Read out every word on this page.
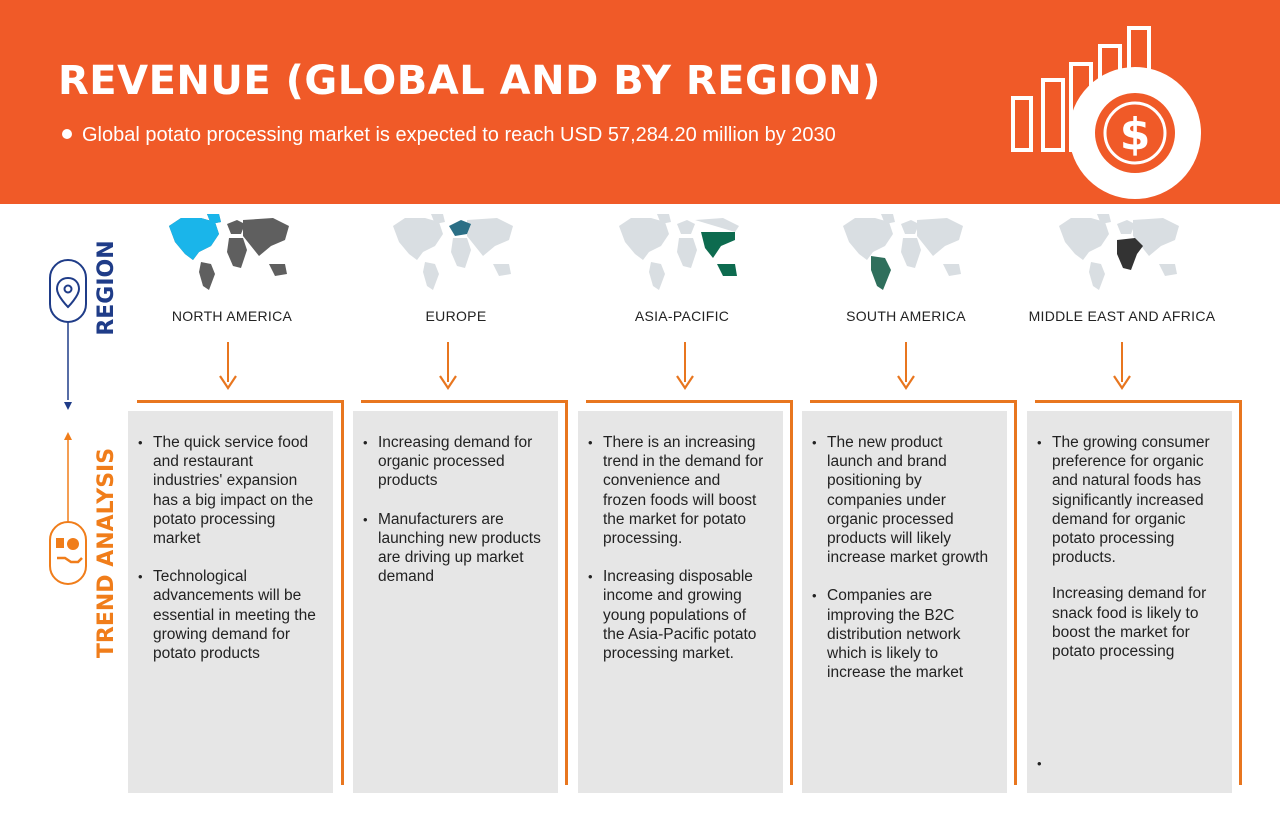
REVENUE (GLOBAL AND BY REGION)
Global potato processing market is expected to reach USD 57,284.20 million by 2030	$
REGION
TREND ANALYSIS
NORTH AMERICA	EUROPE	ASIA-PACIFIC	SOUTH AMERICA	MIDDLE EAST AND AFRICA
• The quick service food and restaurant industries' expansion has a big impact on the potato processing market
• Technological advancements will be essential in meeting the growing demand for potato products
• Increasing demand for organic processed products
• Manufacturers are launching new products are driving up market demand
• There is an increasing trend in the demand for convenience and frozen foods will boost the market for potato processing.
• Increasing disposable income and growing young populations of the Asia-Pacific potato processing market.
• The new product launch and brand positioning by companies under organic processed products will likely increase market growth
• Companies are improving the B2C distribution network which is likely to increase the market
• The growing consumer preference for organic and natural foods has significantly increased demand for organic potato processing products.
Increasing demand for snack food is likely to boost the market for potato processing
•
